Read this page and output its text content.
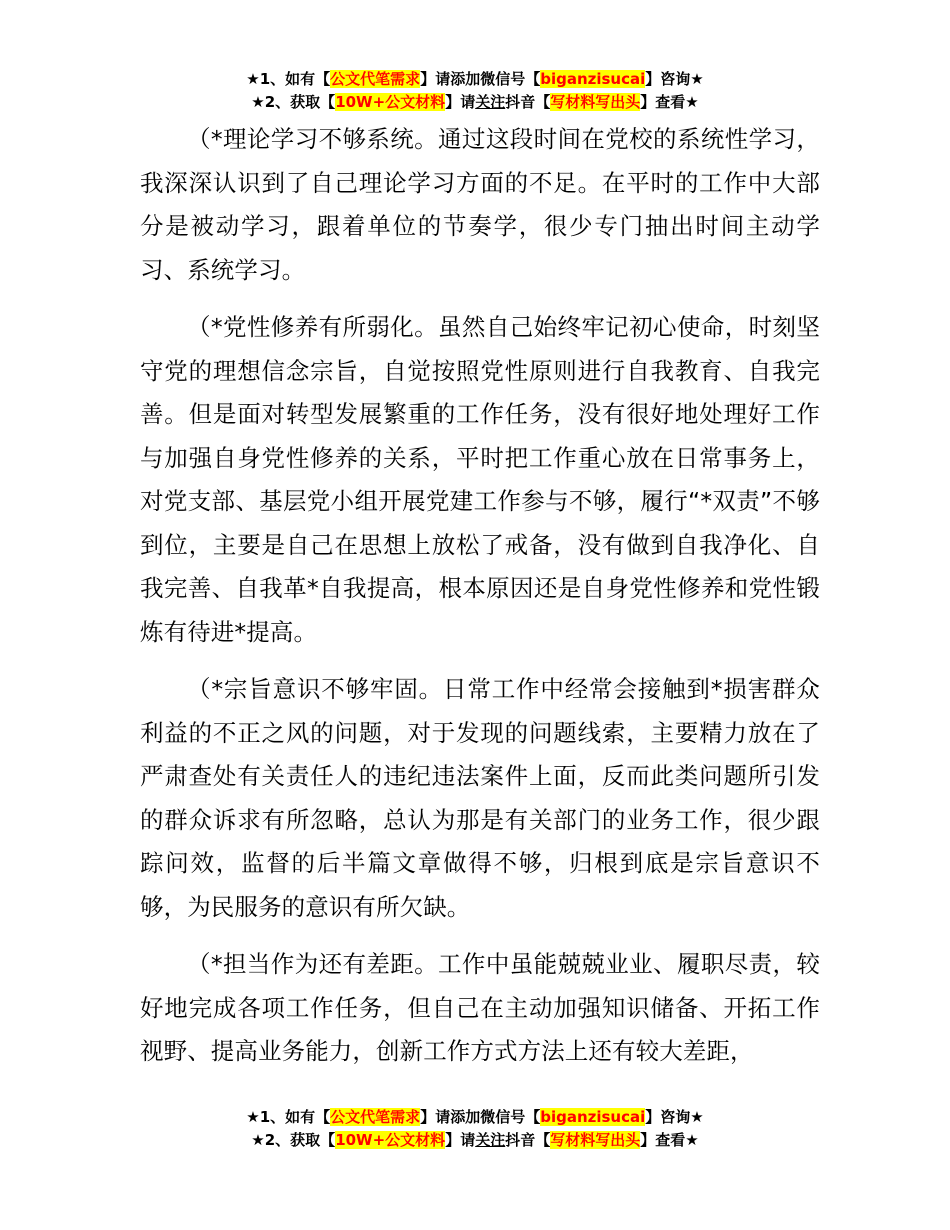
★1、如有【公文代笔需求】请添加微信号【biganzisucai】咨询★
★2、获取【10W+公文材料】请关注抖音【写材料写出头】查看★

（*理论学习不够系统。通过这段时间在党校的系统性学习，我深深认识到了自己理论学习方面的不足。在平时的工作中大部分是被动学习，跟着单位的节奏学，很少专门抽出时间主动学习、系统学习。

（*党性修养有所弱化。虽然自己始终牢记初心使命，时刻坚守党的理想信念宗旨，自觉按照党性原则进行自我教育、自我完善。但是面对转型发展繁重的工作任务，没有很好地处理好工作与加强自身党性修养的关系，平时把工作重心放在日常事务上，对党支部、基层党小组开展党建工作参与不够，履行“*双责”不够到位，主要是自己在思想上放松了戒备，没有做到自我净化、自我完善、自我革*自我提高，根本原因还是自身党性修养和党性锻炼有待进*提高。

（*宗旨意识不够牢固。日常工作中经常会接触到*损害群众利益的不正之风的问题，对于发现的问题线索，主要精力放在了严肃查处有关责任人的违纪违法案件上面，反而此类问题所引发的群众诉求有所忽略，总认为那是有关部门的业务工作，很少跟踪问效，监督的后半篇文章做得不够，归根到底是宗旨意识不够，为民服务的意识有所欠缺。

（*担当作为还有差距。工作中虽能兢兢业业、履职尽责，较好地完成各项工作任务，但自己在主动加强知识储备、开拓工作视野、提高业务能力，创新工作方式方法上还有较大差距，

★1、如有【公文代笔需求】请添加微信号【biganzisucai】咨询★
★2、获取【10W+公文材料】请关注抖音【写材料写出头】查看★
